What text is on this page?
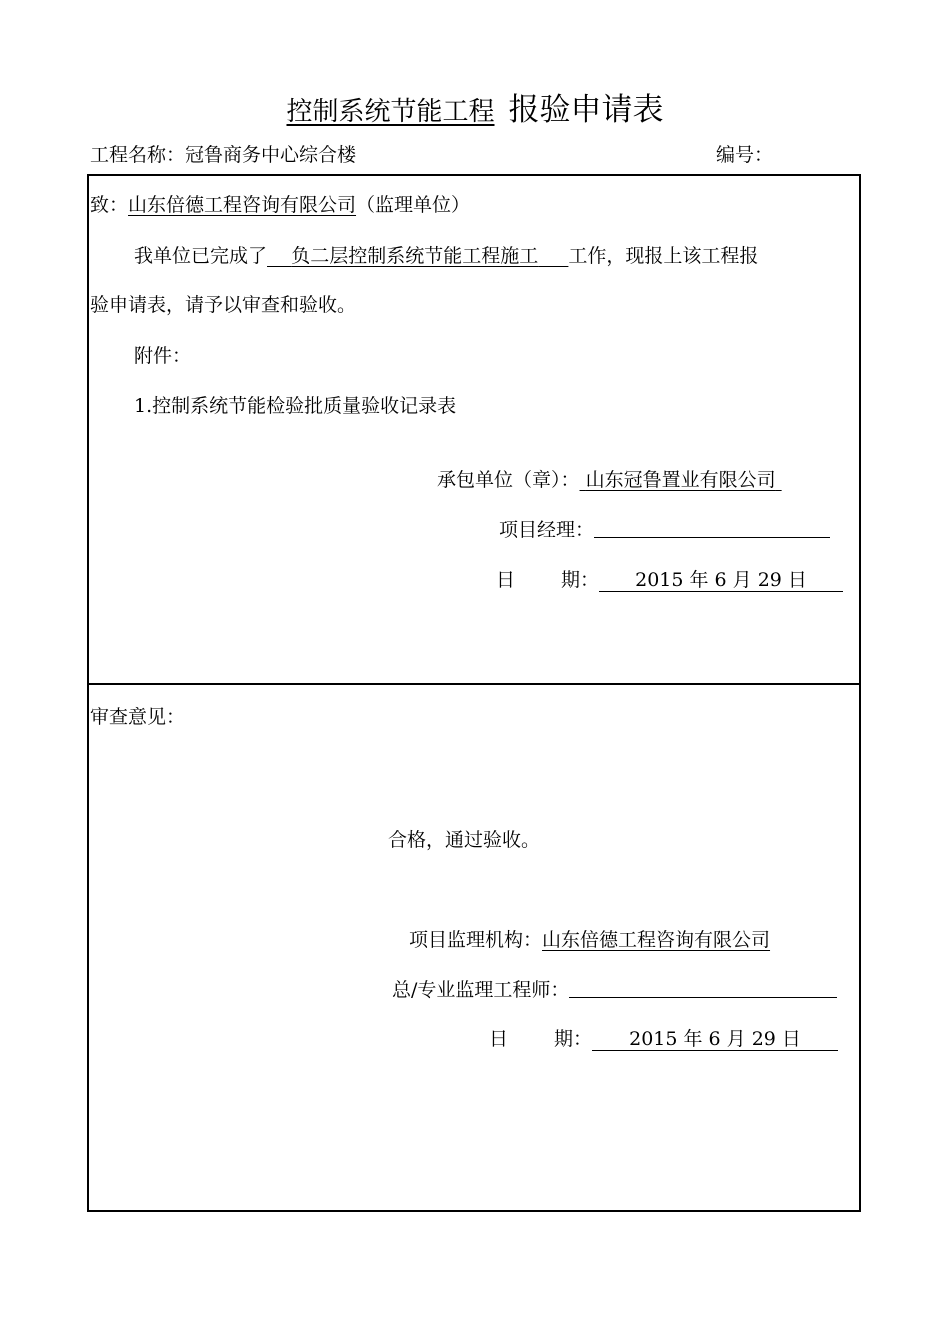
控制系统节能工程 报验申请表
工程名称：冠鲁商务中心综合楼	编号：
致：山东倍德工程咨询有限公司（监理单位）
我单位已完成了 负二层控制系统节能工程施工 工作，现报上该工程报
验申请表，请予以审查和验收。
附件：
1.控制系统节能检验批质量验收记录表
承包单位（章）： 山东冠鲁置业有限公司
项目经理：
日 期： 2015 年 6 月 29 日
审查意见：
合格，通过验收。
项目监理机构：山东倍德工程咨询有限公司
总/专业监理工程师：
日 期： 2015 年 6 月 29 日
